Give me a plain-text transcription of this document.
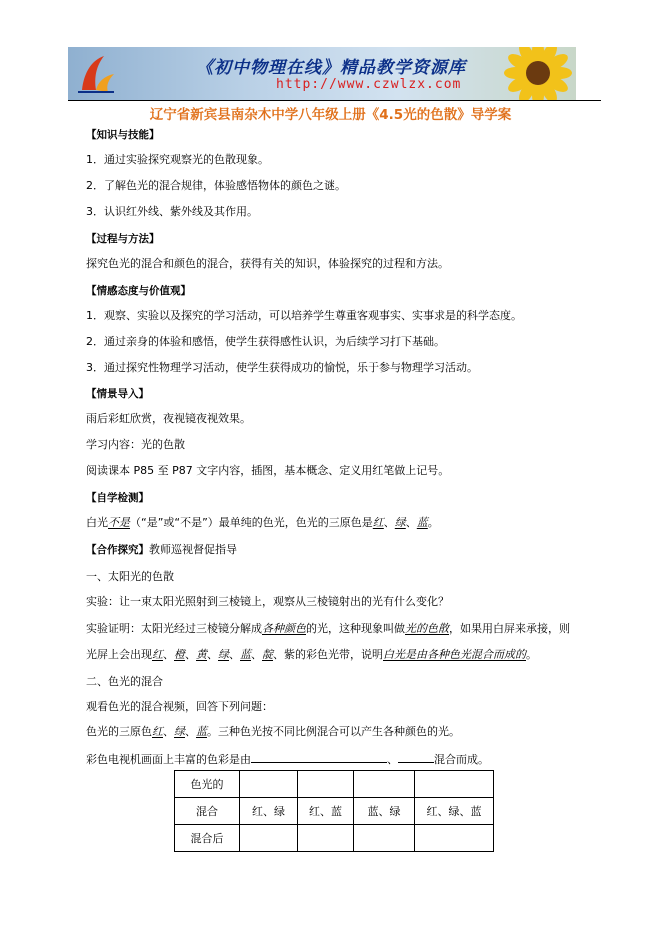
《初中物理在线》精品教学资源库
http://www.czwlzx.com
辽宁省新宾县南杂木中学八年级上册《4.5光的色散》导学案
【知识与技能】
1．通过实验探究观察光的色散现象。
2．了解色光的混合规律，体验感悟物体的颜色之谜。
3．认识红外线、紫外线及其作用。
【过程与方法】
探究色光的混合和颜色的混合，获得有关的知识，体验探究的过程和方法。
【情感态度与价值观】
1．观察、实验以及探究的学习活动，可以培养学生尊重客观事实、实事求是的科学态度。
2．通过亲身的体验和感悟，使学生获得感性认识，为后续学习打下基础。
3．通过探究性物理学习活动，使学生获得成功的愉悦，乐于参与物理学习活动。
【情景导入】
雨后彩虹欣赏，夜视镜夜视效果。
学习内容：光的色散
阅读课本 P85 至 P87 文字内容，插图，基本概念、定义用红笔做上记号。
【自学检测】
白光不是（“是”或“不是”）最单纯的色光，色光的三原色是红、绿、蓝。
【合作探究】教师巡视督促指导
一、太阳光的色散
实验：让一束太阳光照射到三棱镜上，观察从三棱镜射出的光有什么变化？
实验证明：太阳光经过三棱镜分解成各种颜色的光，这种现象叫做光的色散，如果用白屏来承接，则
光屏上会出现红、橙、黄、绿、蓝、靛、紫的彩色光带，说明白光是由各种色光混合而成的。
二、色光的混合
观看色光的混合视频，回答下列问题：
色光的三原色红、绿、蓝。三种色光按不同比例混合可以产生各种颜色的光。
彩色电视机画面上丰富的色彩是由	、	混合而成。
色光的				
混合	红、绿	红、蓝	蓝、绿	红、绿、蓝
混合后				
